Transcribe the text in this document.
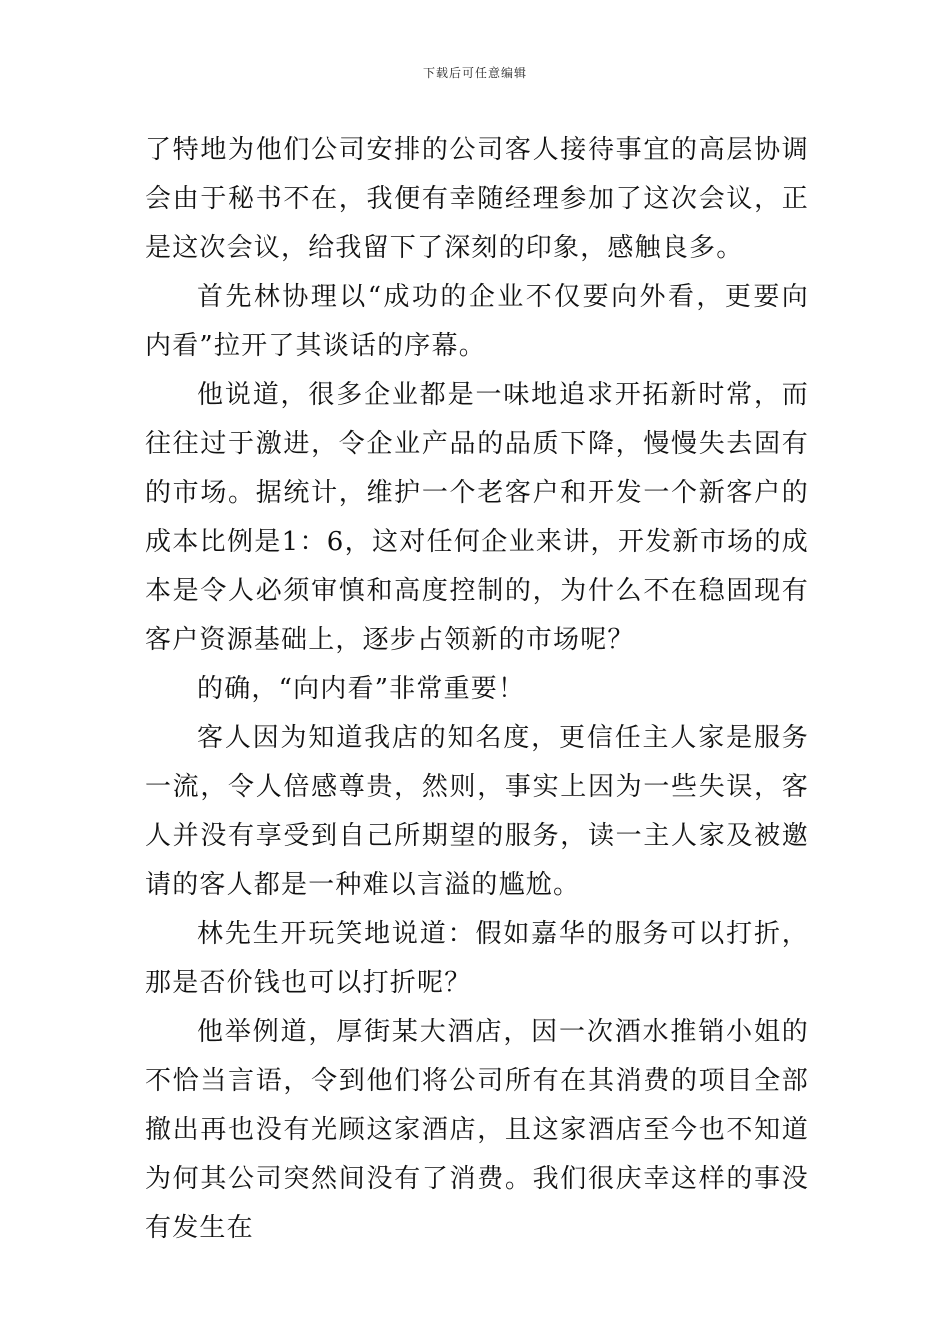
下载后可任意编辑

了特地为他们公司安排的公司客人接待事宜的高层协调会由于秘书不在，我便有幸随经理参加了这次会议，正是这次会议，给我留下了深刻的印象，感触良多。

首先林协理以“成功的企业不仅要向外看，更要向内看”拉开了其谈话的序幕。

他说道，很多企业都是一味地追求开拓新时常，而往往过于激进，令企业产品的品质下降，慢慢失去固有的市场。据统计，维护一个老客户和开发一个新客户的成本比例是1：6，这对任何企业来讲，开发新市场的成本是令人必须审慎和高度控制的，为什么不在稳固现有客户资源基础上，逐步占领新的市场呢？

的确，“向内看”非常重要！

客人因为知道我店的知名度，更信任主人家是服务一流，令人倍感尊贵，然则，事实上因为一些失误，客人并没有享受到自己所期望的服务，读一主人家及被邀请的客人都是一种难以言溢的尴尬。

林先生开玩笑地说道：假如嘉华的服务可以打折，那是否价钱也可以打折呢？

他举例道，厚街某大酒店，因一次酒水推销小姐的不恰当言语，令到他们将公司所有在其消费的项目全部撤出再也没有光顾这家酒店，且这家酒店至今也不知道为何其公司突然间没有了消费。我们很庆幸这样的事没有发生在
